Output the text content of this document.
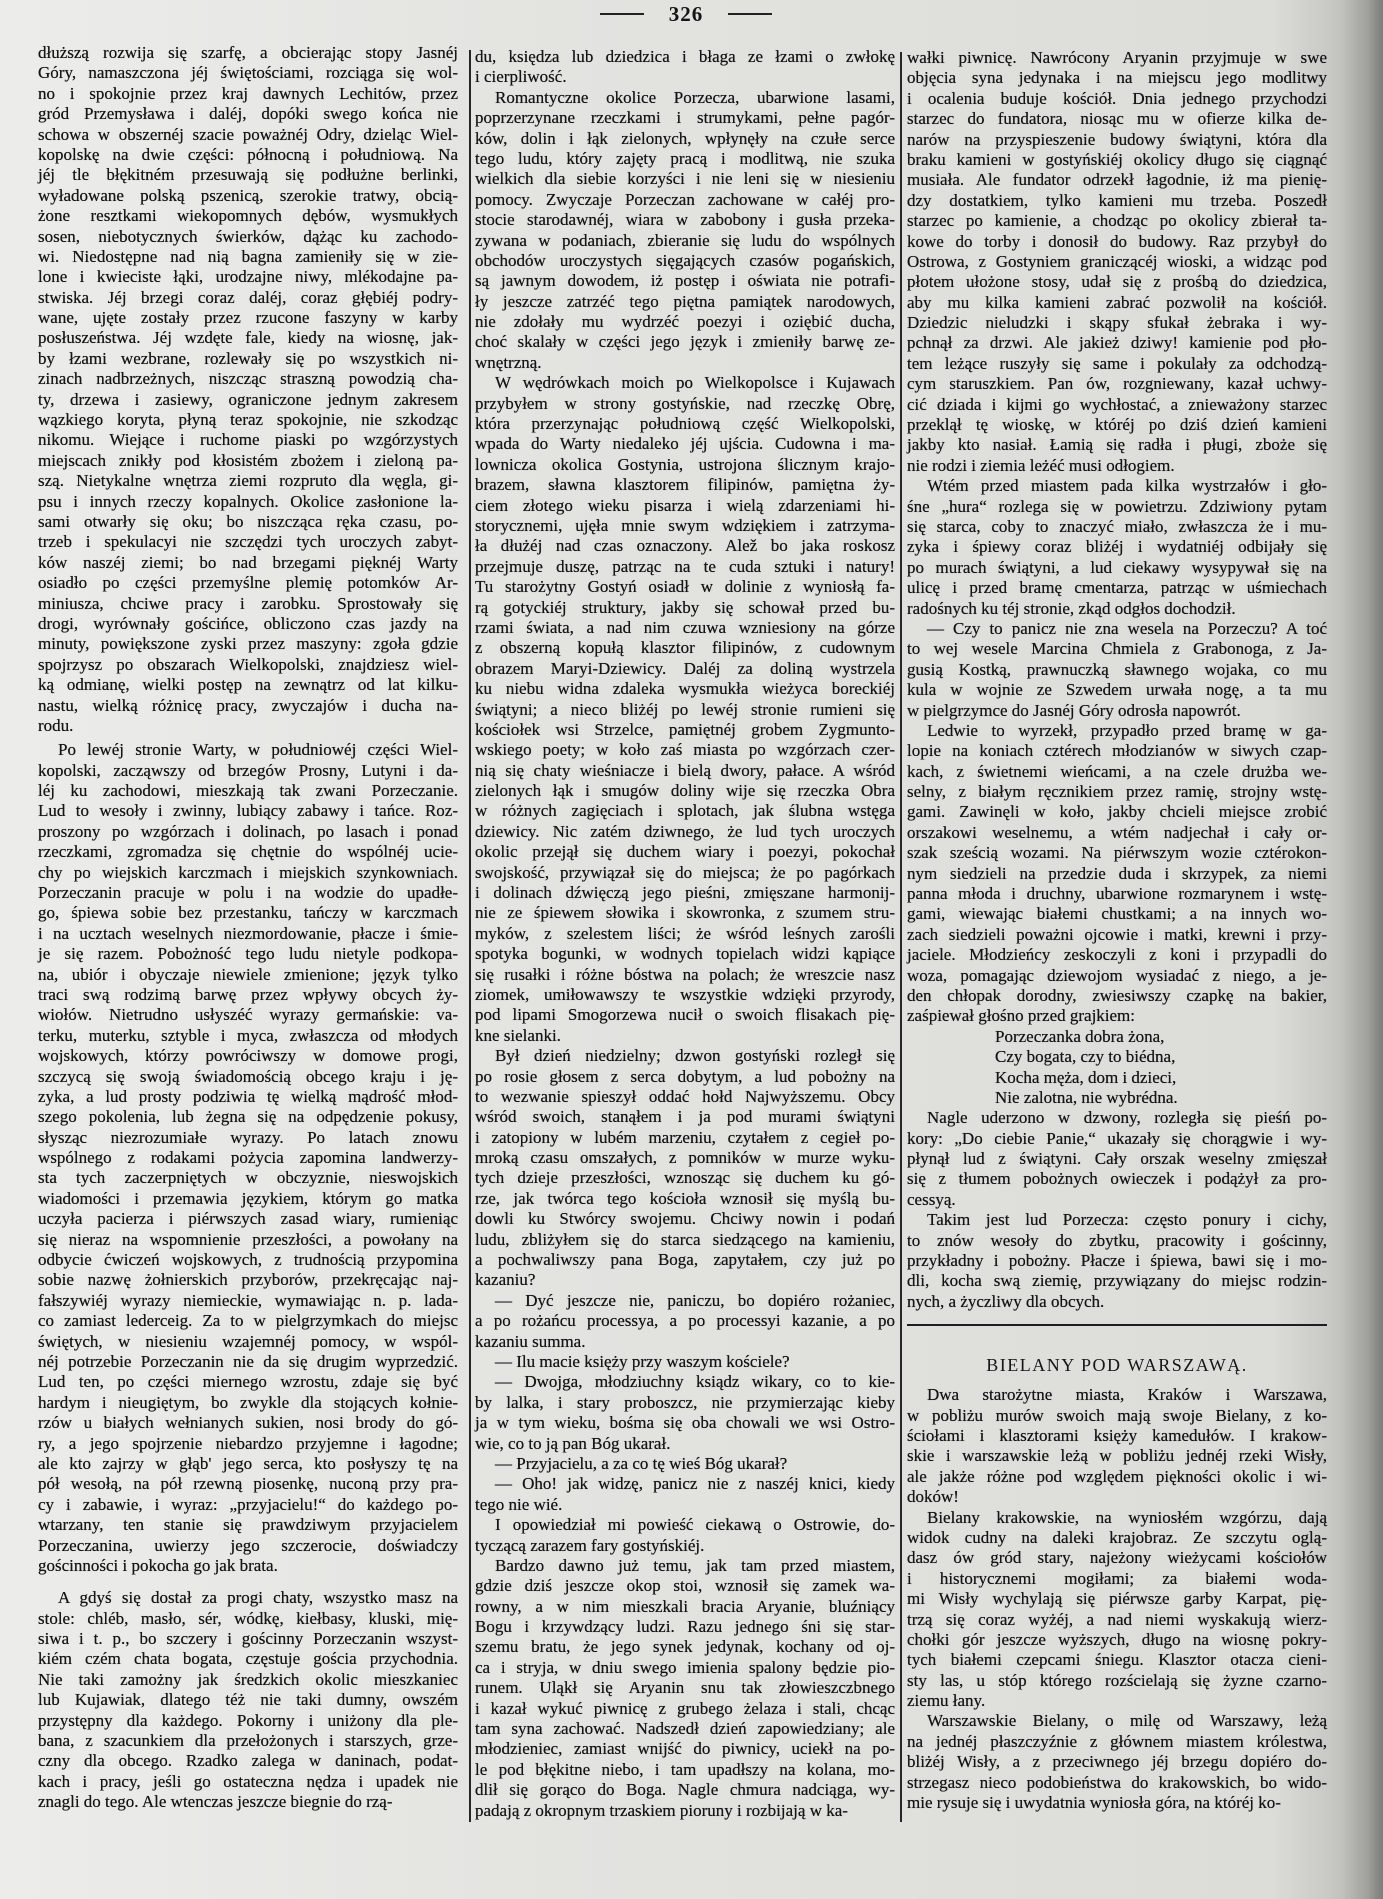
326
dłuższą rozwija się szarfę, a obcierając stopy Jasnéj
Góry, namaszczona jéj świętościami, rozciąga się wol-
no i spokojnie przez kraj dawnych Lechitów, przez
gród Przemysława i daléj, dopóki swego końca nie
schowa w obszernéj szacie poważnéj Odry, dzieląc Wiel-
kopolskę na dwie części: północną i południową. Na
jéj tle błękitném przesuwają się podłużne berlinki,
wyładowane polską pszenicą, szerokie tratwy, obcią-
żone resztkami wiekopomnych dębów, wysmukłych
sosen, niebotycznych świerków, dążąc ku zachodo-
wi. Niedostępne nad nią bagna zamieniły się w zie-
lone i kwieciste łąki, urodzajne niwy, mlékodajne pa-
stwiska. Jéj brzegi coraz daléj, coraz głębiéj podry-
wane, ujęte zostały przez rzucone faszyny w karby
posłuszeństwa. Jéj wzdęte fale, kiedy na wiosnę, jak-
by łzami wezbrane, rozlewały się po wszystkich ni-
zinach nadbrzeżnych, niszcząc straszną powodzią cha-
ty, drzewa i zasiewy, ograniczone jednym zakresem
wązkiego koryta, płyną teraz spokojnie, nie szkodząc
nikomu. Wiejące i ruchome piaski po wzgórzystych
miejscach znikły pod kłosistém zbożem i zieloną pa-
szą. Nietykalne wnętrza ziemi rozpruto dla węgla, gi-
psu i innych rzeczy kopalnych. Okolice zasłonione la-
sami otwarły się oku; bo niszcząca ręka czasu, po-
trzeb i spekulacyi nie szczędzi tych uroczych zabyt-
ków naszéj ziemi; bo nad brzegami pięknéj Warty
osiadło po części przemyślne plemię potomków Ar-
miniusza, chciwe pracy i zarobku. Sprostowały się
drogi, wyrównały gościńce, obliczono czas jazdy na
minuty, powiększone zyski przez maszyny: zgoła gdzie
spojrzysz po obszarach Wielkopolski, znajdziesz wiel-
ką odmianę, wielki postęp na zewnątrz od lat kilku-
nastu, wielką różnicę pracy, zwyczajów i ducha na-
rodu.
Po lewéj stronie Warty, w południowéj części Wiel-
kopolski, zacząwszy od brzegów Prosny, Lutyni i da-
léj ku zachodowi, mieszkają tak zwani Porzeczanie.
Lud to wesoły i zwinny, lubiący zabawy i tańce. Roz-
proszony po wzgórzach i dolinach, po lasach i ponad
rzeczkami, zgromadza się chętnie do wspólnéj ucie-
chy po wiejskich karczmach i miejskich szynkowniach.
Porzeczanin pracuje w polu i na wodzie do upadłe-
go, śpiewa sobie bez przestanku, tańczy w karczmach
i na ucztach weselnych niezmordowanie, płacze i śmie-
je się razem. Pobożność tego ludu nietyle podkopa-
na, ubiór i obyczaje niewiele zmienione; język tylko
traci swą rodzimą barwę przez wpływy obcych ży-
wiołów. Nietrudno usłyszéć wyrazy germańskie: va-
terku, muterku, sztyble i myca, zwłaszcza od młodych
wojskowych, którzy powróciwszy w domowe progi,
szczycą się swoją świadomością obcego kraju i ję-
zyka, a lud prosty podziwia tę wielką mądrość młod-
szego pokolenia, lub żegna się na odpędzenie pokusy,
słysząc niezrozumiałe wyrazy. Po latach znowu
wspólnego z rodakami pożycia zapomina landwerzy-
sta tych zaczerpniętych w obczyznie, nieswojskich
wiadomości i przemawia językiem, którym go matka
uczyła pacierza i piérwszych zasad wiary, rumieniąc
się nieraz na wspomnienie przeszłości, a powołany na
odbycie ćwiczeń wojskowych, z trudnością przypomina
sobie nazwę żołnierskich przyborów, przekręcając naj-
fałszywiéj wyrazy niemieckie, wymawiając n. p. lada-
co zamiast lederceig. Za to w pielgrzymkach do miejsc
świętych, w niesieniu wzajemnéj pomocy, w wspól-
néj potrzebie Porzeczanin nie da się drugim wyprzedzić.
Lud ten, po części miernego wzrostu, zdaje się być
hardym i nieugiętym, bo zwykle dla stojących kołnie-
rzów u białych wełnianych sukien, nosi brody do gó-
ry, a jego spojrzenie niebardzo przyjemne i łagodne;
ale kto zajrzy w głąb' jego serca, kto posłyszy tę na
pół wesołą, na pół rzewną piosenkę, nuconą przy pra-
cy i zabawie, i wyraz: „przyjacielu!“ do każdego po-
wtarzany, ten stanie się prawdziwym przyjacielem
Porzeczanina, uwierzy jego szczerocie, doświadczy
gościnności i pokocha go jak brata.
A gdyś się dostał za progi chaty, wszystko masz na
stole: chléb, masło, sér, wódkę, kiełbasy, kluski, mię-
siwa i t. p., bo szczery i gościnny Porzeczanin wszyst-
kiém czém chata bogata, częstuje gościa przychodnia.
Nie taki zamożny jak średzkich okolic mieszkaniec
lub Kujawiak, dlatego téż nie taki dumny, owszém
przystępny dla każdego. Pokorny i uniżony dla ple-
bana, z szacunkiem dla przełożonych i starszych, grze-
czny dla obcego. Rzadko zalega w daninach, podat-
kach i pracy, jeśli go ostateczna nędza i upadek nie
znagli do tego. Ale wtenczas jeszcze biegnie do rzą-
du, księdza lub dziedzica i błaga ze łzami o zwłokę
i cierpliwość.
Romantyczne okolice Porzecza, ubarwione lasami,
poprzerzynane rzeczkami i strumykami, pełne pagór-
ków, dolin i łąk zielonych, wpłynęły na czułe serce
tego ludu, który zajęty pracą i modlitwą, nie szuka
wielkich dla siebie korzyści i nie leni się w niesieniu
pomocy. Zwyczaje Porzeczan zachowane w całéj pro-
stocie starodawnéj, wiara w zabobony i gusła przeka-
zywana w podaniach, zbieranie się ludu do wspólnych
obchodów uroczystych sięgających czasów pogańskich,
są jawnym dowodem, iż postęp i oświata nie potrafi-
ły jeszcze zatrzéć tego piętna pamiątek narodowych,
nie zdołały mu wydrzéć poezyi i oziębić ducha,
choć skalały w części jego język i zmieniły barwę ze-
wnętrzną.
W wędrówkach moich po Wielkopolsce i Kujawach
przybyłem w strony gostyńskie, nad rzeczkę Obrę,
która przerzynając południową część Wielkopolski,
wpada do Warty niedaleko jéj ujścia. Cudowna i ma-
lownicza okolica Gostynia, ustrojona ślicznym krajo-
brazem, sławna klasztorem filipinów, pamiętna ży-
ciem złotego wieku pisarza i wielą zdarzeniami hi-
storycznemi, ujęła mnie swym wdziękiem i zatrzyma-
ła dłużéj nad czas oznaczony. Alež bo jaka roskosz
przejmuje duszę, patrząc na te cuda sztuki i natury!
Tu starożytny Gostyń osiadł w dolinie z wyniosłą fa-
rą gotyckiéj struktury, jakby się schował przed bu-
rzami świata, a nad nim czuwa wzniesiony na górze
z obszerną kopułą klasztor filipinów, z cudownym
obrazem Maryi-Dziewicy. Daléj za doliną wystrzela
ku niebu widna zdaleka wysmukła wieżyca boreckiéj
świątyni; a nieco bliżéj po lewéj stronie rumieni się
kościołek wsi Strzelce, pamiętnéj grobem Zygmunto-
wskiego poety; w koło zaś miasta po wzgórzach czer-
nią się chaty wieśniacze i bielą dwory, pałace. A wśród
zielonych łąk i smugów doliny wije się rzeczka Obra
w różnych zagięciach i splotach, jak ślubna wstęga
dziewicy. Nic zatém dziwnego, że lud tych uroczych
okolic przejął się duchem wiary i poezyi, pokochał
swojskość, przywiązał się do miejsca; że po pagórkach
i dolinach dźwięczą jego pieśni, zmięszane harmonij-
nie ze śpiewem słowika i skowronka, z szumem stru-
myków, z szelestem liści; że wśród leśnych zarośli
spotyka bogunki, w wodnych topielach widzi kąpiące
się rusałki i różne bóstwa na polach; że wreszcie nasz
ziomek, umiłowawszy te wszystkie wdzięki przyrody,
pod lipami Smogorzewa nucił o swoich flisakach pię-
kne sielanki.
Był dzień niedzielny; dzwon gostyński rozległ się
po rosie głosem z serca dobytym, a lud pobożny na
to wezwanie spieszył oddać hołd Najwyższemu. Obcy
wśród swoich, stanąłem i ja pod murami świątyni
i zatopiony w lubém marzeniu, czytałem z cegieł po-
mroką czasu omszałych, z pomników w murze wyku-
tych dzieje przeszłości, wznosząc się duchem ku gó-
rze, jak twórca tego kościoła wznosił się myślą bu-
dowli ku Stwórcy swojemu. Chciwy nowin i podań
ludu, zbliżyłem się do starca siedzącego na kamieniu,
a pochwaliwszy pana Boga, zapytałem, czy już po
kazaniu?
— Dyć jeszcze nie, paniczu, bo dopiéro rożaniec,
a po rożańcu processya, a po processyi kazanie, a po
kazaniu summa.
— Ilu macie księży przy waszym kościele?
— Dwojga, młodziuchny ksiądz wikary, co to kie-
by lalka, i stary proboszcz, nie przymierzając kieby
ja w tym wieku, bośma się oba chowali we wsi Ostro-
wie, co to ją pan Bóg ukarał.
— Przyjacielu, a za co tę wieś Bóg ukarał?
— Oho! jak widzę, panicz nie z naszéj knici, kiedy
tego nie wié.
I opowiedział mi powieść ciekawą o Ostrowie, do-
tyczącą zarazem fary gostyńskiéj.
Bardzo dawno już temu, jak tam przed miastem,
gdzie dziś jeszcze okop stoi, wznosił się zamek wa-
rowny, a w nim mieszkali bracia Aryanie, bluźniący
Bogu i krzywdzący ludzi. Razu jednego śni się star-
szemu bratu, że jego synek jedynak, kochany od oj-
ca i stryja, w dniu swego imienia spalony będzie pio-
runem. Uląkł się Aryanin snu tak złowieszczbnego
i kazał wykuć piwnicę z grubego żelaza i stali, chcąc
tam syna zachować. Nadszedł dzień zapowiedziany; ale
młodzieniec, zamiast wnijść do piwnicy, uciekł na po-
le pod błękitne niebo, i tam upadłszy na kolana, mo-
dlił się gorąco do Boga. Nagle chmura nadciąga, wy-
padają z okropnym trzaskiem pioruny i rozbijają w ka-
wałki piwnicę. Nawrócony Aryanin przyjmuje w swe
objęcia syna jedynaka i na miejscu jego modlitwy
i ocalenia buduje kościół. Dnia jednego przychodzi
starzec do fundatora, niosąc mu w ofierze kilka de-
narów na przyspieszenie budowy świątyni, która dla
braku kamieni w gostyńskiéj okolicy długo się ciągnąć
musiała. Ale fundator odrzekł łagodnie, iż ma pienię-
dzy dostatkiem, tylko kamieni mu trzeba. Poszedł
starzec po kamienie, a chodząc po okolicy zbierał ta-
kowe do torby i donosił do budowy. Raz przybył do
Ostrowa, z Gostyniem graniczącéj wioski, a widząc pod
płotem ułożone stosy, udał się z prośbą do dziedzica,
aby mu kilka kamieni zabrać pozwolił na kościół.
Dziedzic nieludzki i skąpy sfukał żebraka i wy-
pchnął za drzwi. Ale jakież dziwy! kamienie pod pło-
tem leżące ruszyły się same i pokulały za odchodzą-
cym staruszkiem. Pan ów, rozgniewany, kazał uchwy-
cić dziada i kijmi go wychłostać, a znieważony starzec
przeklął tę wioskę, w któréj po dziś dzień kamieni
jakby kto nasiał. Łamią się radła i pługi, zboże się
nie rodzi i ziemia leżéć musi odłogiem.
Wtém przed miastem pada kilka wystrzałów i gło-
śne „hura“ rozlega się w powietrzu. Zdziwiony pytam
się starca, coby to znaczyć miało, zwłaszcza że i mu-
zyka i śpiewy coraz bliżéj i wydatniéj odbijały się
po murach świątyni, a lud ciekawy wysypywał się na
ulicę i przed bramę cmentarza, patrząc w uśmiechach
radośnych ku téj stronie, zkąd odgłos dochodził.
— Czy to panicz nie zna wesela na Porzeczu? A toć
to wej wesele Marcina Chmiela z Grabonoga, z Ja-
gusią Kostką, prawnuczką sławnego wojaka, co mu
kula w wojnie ze Szwedem urwała nogę, a ta mu
w pielgrzymce do Jasnéj Góry odrosła napowrót.
Ledwie to wyrzekł, przypadło przed bramę w ga-
lopie na koniach cztérech młodzianów w siwych czap-
kach, z świetnemi wieńcami, a na czele drużba we-
selny, z białym ręcznikiem przez ramię, strojny wstę-
gami. Zawinęli w koło, jakby chcieli miejsce zrobić
orszakowi weselnemu, a wtém nadjechał i cały or-
szak sześcią wozami. Na piérwszym wozie cztérokon-
nym siedzieli na przedzie duda i skrzypek, za niemi
panna młoda i druchny, ubarwione rozmarynem i wstę-
gami, wiewając białemi chustkami; a na innych wo-
zach siedzieli poważni ojcowie i matki, krewni i przy-
jaciele. Młodzieńcy zeskoczyli z koni i przypadli do
woza, pomagając dziewojom wysiadać z niego, a je-
den chłopak dorodny, zwiesiwszy czapkę na bakier,
zaśpiewał głośno przed grajkiem:
Porzeczanka dobra żona,
Czy bogata, czy to biédna,
Kocha męża, dom i dzieci,
Nie zalotna, nie wybrédna.
Nagle uderzono w dzwony, rozległa się pieśń po-
kory: „Do ciebie Panie,“ ukazały się chorągwie i wy-
płynął lud z świątyni. Cały orszak weselny zmięszał
się z tłumem pobożnych owieczek i podążył za pro-
cessyą.
Takim jest lud Porzecza: często ponury i cichy,
to znów wesoły do zbytku, pracowity i gościnny,
przykładny i pobożny. Płacze i śpiewa, bawi się i mo-
dli, kocha swą ziemię, przywiązany do miejsc rodzin-
nych, a życzliwy dla obcych.
BIELANY POD WARSZAWĄ.
Dwa starożytne miasta, Kraków i Warszawa,
w pobliżu murów swoich mają swoje Bielany, z ko-
ściołami i klasztorami księży kamedułów. I krakow-
skie i warszawskie leżą w pobliżu jednéj rzeki Wisły,
ale jakże różne pod względem piękności okolic i wi-
doków!
Bielany krakowskie, na wyniosłém wzgórzu, dają
widok cudny na daleki krajobraz. Ze szczytu oglą-
dasz ów gród stary, najeżony wieżycami kościołów
i historycznemi mogiłami; za białemi woda-
mi Wisły wychylają się piérwsze garby Karpat, pię-
trzą się coraz wyżéj, a nad niemi wyskakują wierz-
chołki gór jeszcze wyższych, długo na wiosnę pokry-
tych białemi czepcami śniegu. Klasztor otacza cieni-
sty las, u stóp którego rozścielają się żyzne czarno-
ziemu łany.
Warszawskie Bielany, o milę od Warszawy, leżą
na jednéj płaszczyźnie z głównem miastem królestwa,
bliżéj Wisły, a z przeciwnego jéj brzegu dopiéro do-
strzegasz nieco podobieństwa do krakowskich, bo wido-
mie rysuje się i uwydatnia wyniosła góra, na któréj ko-
